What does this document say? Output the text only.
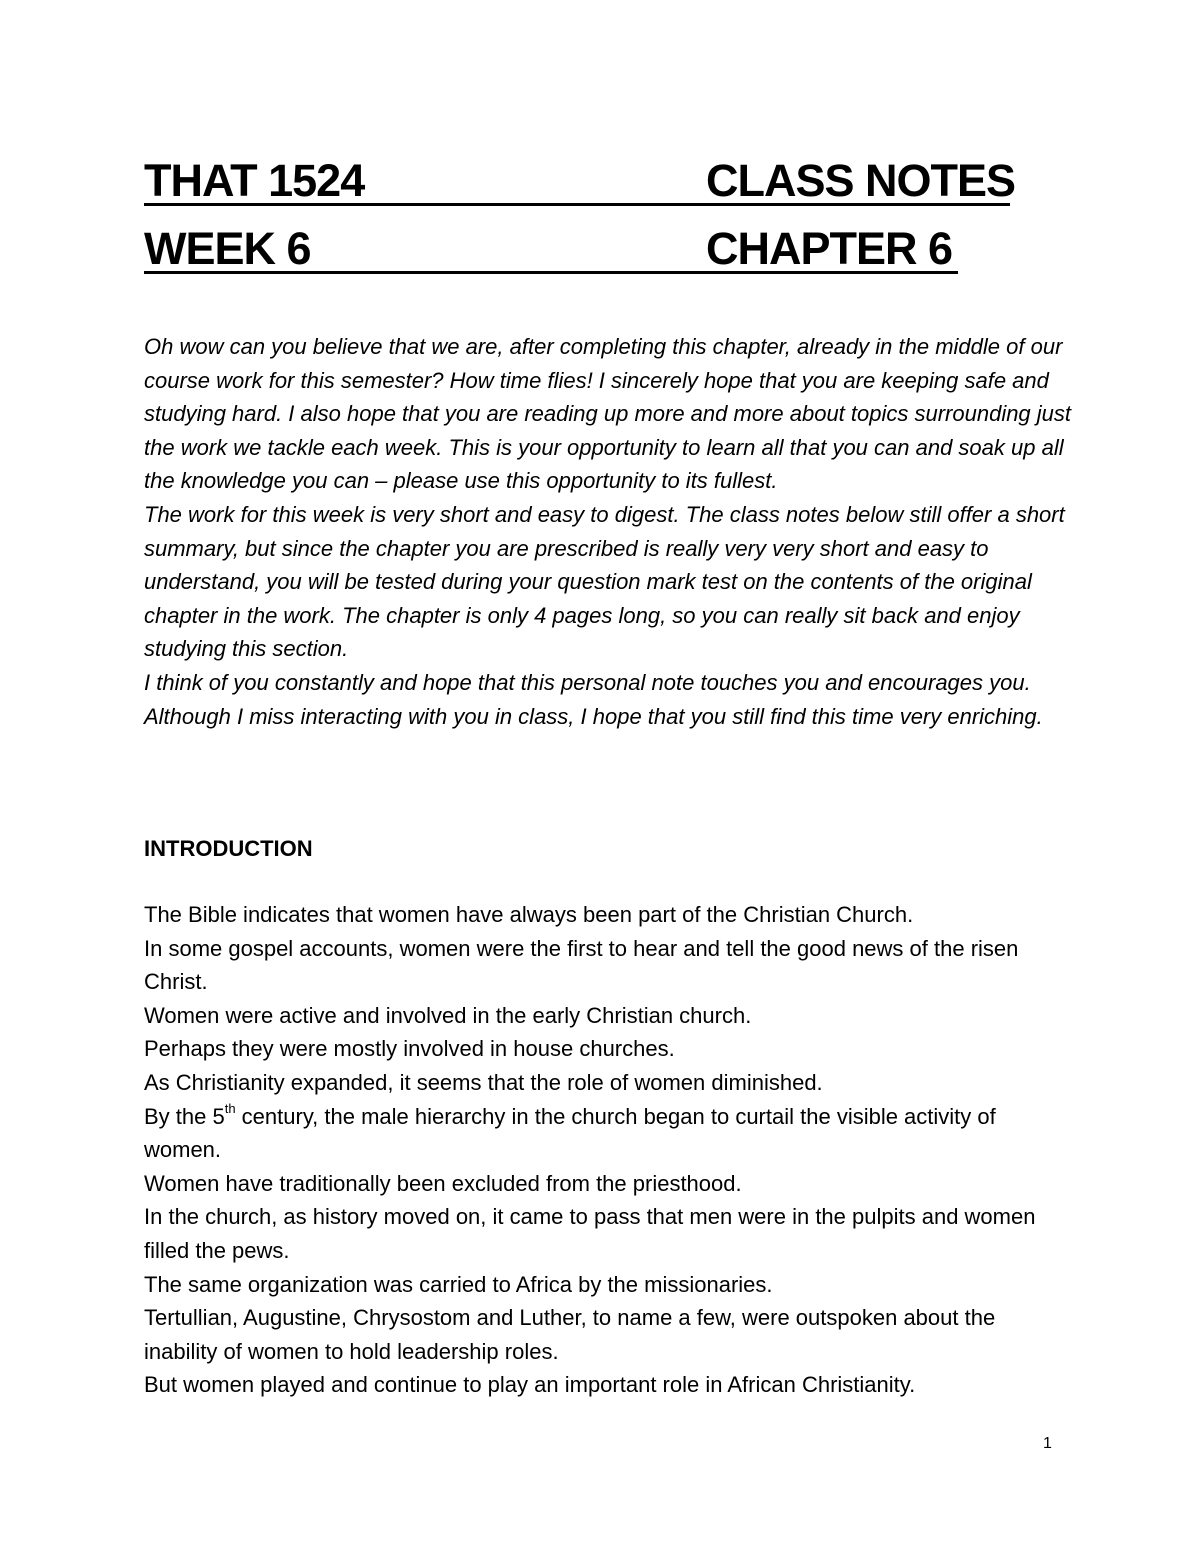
THAT 1524	CLASS NOTES
WEEK 6	CHAPTER 6

Oh wow can you believe that we are, after completing this chapter, already in the middle of our course work for this semester? How time flies! I sincerely hope that you are keeping safe and studying hard. I also hope that you are reading up more and more about topics surrounding just the work we tackle each week. This is your opportunity to learn all that you can and soak up all the knowledge you can – please use this opportunity to its fullest.

The work for this week is very short and easy to digest. The class notes below still offer a short summary, but since the chapter you are prescribed is really very very short and easy to understand, you will be tested during your question mark test on the contents of the original chapter in the work. The chapter is only 4 pages long, so you can really sit back and enjoy studying this section.

I think of you constantly and hope that this personal note touches you and encourages you. Although I miss interacting with you in class, I hope that you still find this time very enriching.

INTRODUCTION

The Bible indicates that women have always been part of the Christian Church.

In some gospel accounts, women were the first to hear and tell the good news of the risen Christ.

Women were active and involved in the early Christian church.

Perhaps they were mostly involved in house churches.

As Christianity expanded, it seems that the role of women diminished.

By the 5th century, the male hierarchy in the church began to curtail the visible activity of women.

Women have traditionally been excluded from the priesthood.

In the church, as history moved on, it came to pass that men were in the pulpits and women filled the pews.

The same organization was carried to Africa by the missionaries.

Tertullian, Augustine, Chrysostom and Luther, to name a few, were outspoken about the inability of women to hold leadership roles.

But women played and continue to play an important role in African Christianity.

1
